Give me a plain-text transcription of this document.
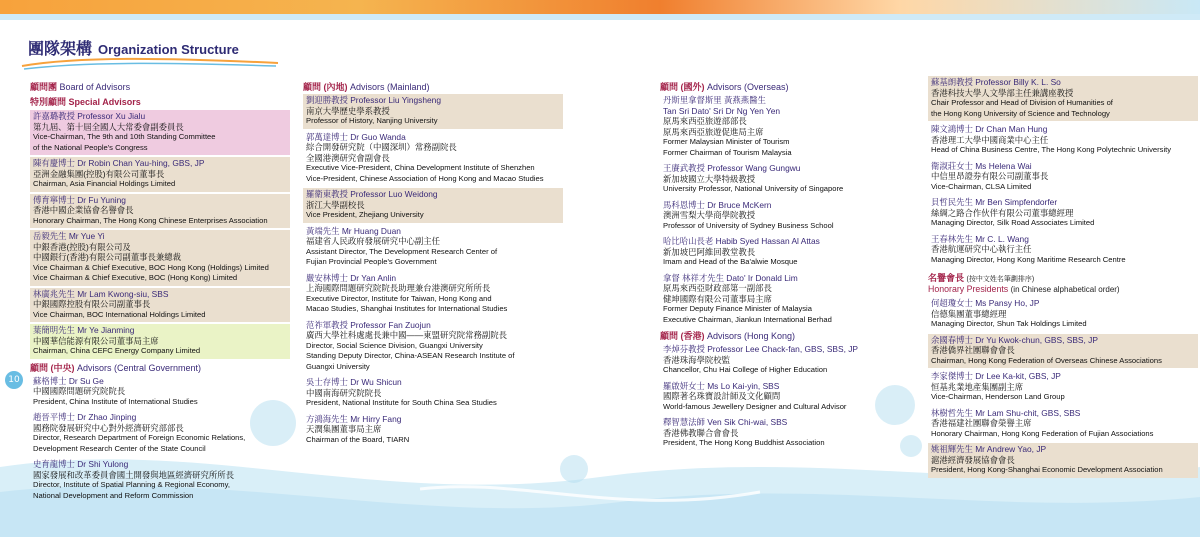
團隊架構 Organization Structure
10
顧問團 Board of Advisors
特別顧問 Special Advisors
許嘉璐教授 Professor Xu Jialu
第九屆、第十屆全國人大常委會副委員長
Vice-Chairman, The 9th and 10th Standing Committee
of the National People's Congress
陳有慶博士 Dr Robin Chan Yau-hing, GBS, JP
亞洲金融集團(控股)有限公司董事長
Chairman, Asia Financial Holdings Limited
傅育寧博士 Dr Fu Yuning
香港中國企業協會名譽會長
Honorary Chairman, The Hong Kong Chinese Enterprises Association
岳毅先生 Mr Yue Yi
中銀香港(控股)有限公司及
中國銀行(香港)有限公司副董事長兼總裁
Vice Chairman & Chief Executive, BOC Hong Kong (Holdings) Limited
Vice Chairman & Chief Executive, BOC (Hong Kong) Limited
林廣兆先生 Mr Lam Kwong-siu, SBS
中銀國際控股有限公司副董事長
Vice Chairman, BOC International Holdings Limited
葉簡明先生 Mr Ye Jianming
中國華信能源有限公司董事局主席
Chairman, China CEFC Energy Company Limited
顧問 (中央) Advisors (Central Government)
蘇格博士 Dr Su Ge
中國國際問題研究院院長
President, China Institute of International Studies
趙晉平博士 Dr Zhao Jinping
國務院發展研究中心對外經濟研究部部長
Director, Research Department of Foreign Economic Relations,
Development Research Center of the State Council
史育龍博士 Dr Shi Yulong
國家發展和改革委員會國土開發與地區經濟研究所所長
Director, Institute of Spatial Planning & Regional Economy,
National Development and Reform Commission
顧問 (內地) Advisors (Mainland)
劉迎勝教授 Professor Liu Yingsheng
南京大學歷史學系教授
Professor of History, Nanjing University
郭萬達博士 Dr Guo Wanda
綜合開發研究院（中國深圳）常務副院長
全國港澳研究會副會長
Executive Vice-President, China Development Institute of Shenzhen
Vice-President, Chinese Association of Hong Kong and Macao Studies
羅衛東教授 Professor Luo Weidong
浙江大學副校長
Vice President, Zhejiang University
黃端先生 Mr Huang Duan
福建省人民政府發展研究中心副主任
Assistant Director, The Development Research Center of
Fujian Provincial People's Government
嚴安林博士 Dr Yan Anlin
上海國際問題研究院院長助理兼台港澳研究所所長
Executive Director, Institute for Taiwan, Hong Kong and
Macao Studies, Shanghai Institutes for International Studies
范祚軍教授 Professor Fan Zuojun
廣西大學社科處處長兼中國——東盟研究院常務副院長
Director, Social Science Division, Guangxi University
Standing Deputy Director, China-ASEAN Research Institute of
Guangxi University
吳士存博士 Dr Wu Shicun
中國南海研究院院長
President, National Institute for South China Sea Studies
方鴻海先生 Mr Hirry Fang
天潤集團董事局主席
Chairman of the Board, TIARN
顧問 (國外) Advisors (Overseas)
丹斯里拿督斯里 黃燕燕醫生
Tan Sri Dato' Sri Dr Ng Yen Yen
原馬來西亞旅遊部部長
原馬來西亞旅遊促進局主席
Former Malaysian Minister of Tourism
Former Chairman of Tourism Malaysia
王賡武教授 Professor Wang Gungwu
新加坡國立大學特級教授
University Professor, National University of Singapore
馬科恩博士 Dr Bruce McKern
澳洲雪梨大學商學院教授
Professor of University of Sydney Business School
哈比哈山長老 Habib Syed Hassan Al Attas
新加坡巴阿維回教堂教長
Imam and Head of the Ba'alwie Mosque
拿督 林祥才先生 Dato' Ir Donald Lim
原馬來西亞財政部第一副部長
健坤國際有限公司董事局主席
Former Deputy Finance Minister of Malaysia
Executive Chairman, Jiankun International Berhad
顧問 (香港) Advisors (Hong Kong)
李焯芬教授 Professor Lee Chack-fan, GBS, SBS, JP
香港珠海學院校監
Chancellor, Chu Hai College of Higher Education
羅啟妍女士 Ms Lo Kai-yin, SBS
國際著名珠寶設計師及文化顧問
World-famous Jewellery Designer and Cultural Advisor
釋智慧法師 Ven Sik Chi-wai, SBS
香港佛教聯合會會長
President, The Hong Kong Buddhist Association
蘇基朗教授 Professor Billy K. L. So
香港科技大學人文學部主任兼講座教授
Chair Professor and Head of Division of Humanities of
the Hong Kong University of Science and Technology
陳文鴻博士 Dr Chan Man Hung
香港理工大學中國商業中心主任
Head of China Business Centre, The Hong Kong Polytechnic University
衛淑莊女士 Ms Helena Wai
中信里昂證券有限公司副董事長
Vice-Chairman, CLSA Limited
貝哲民先生 Mr Ben Simpfendorfer
絲綢之路合作伙伴有限公司董事總經理
Managing Director, Silk Road Associates Limited
王春林先生 Mr C. L. Wang
香港航運研究中心執行主任
Managing Director, Hong Kong Maritime Research Centre
名譽會長 (按中文姓名筆劃排序)
Honorary Presidents (in Chinese alphabetical order)
何超瓊女士 Ms Pansy Ho, JP
信德集團董事總經理
Managing Director, Shun Tak Holdings Limited
余國春博士 Dr Yu Kwok-chun, GBS, SBS, JP
香港僑界社團聯會會長
Chairman, Hong Kong Federation of Overseas Chinese Associations
李家傑博士 Dr Lee Ka-kit, GBS, JP
恒基兆業地產集團副主席
Vice-Chairman, Henderson Land Group
林樹哲先生 Mr Lam Shu-chit, GBS, SBS
香港福建社團聯會榮譽主席
Honorary Chairman, Hong Kong Federation of Fujian Associations
姚祖輝先生 Mr Andrew Yao, JP
滬港經濟發展協會會長
President, Hong Kong-Shanghai Economic Development Association
